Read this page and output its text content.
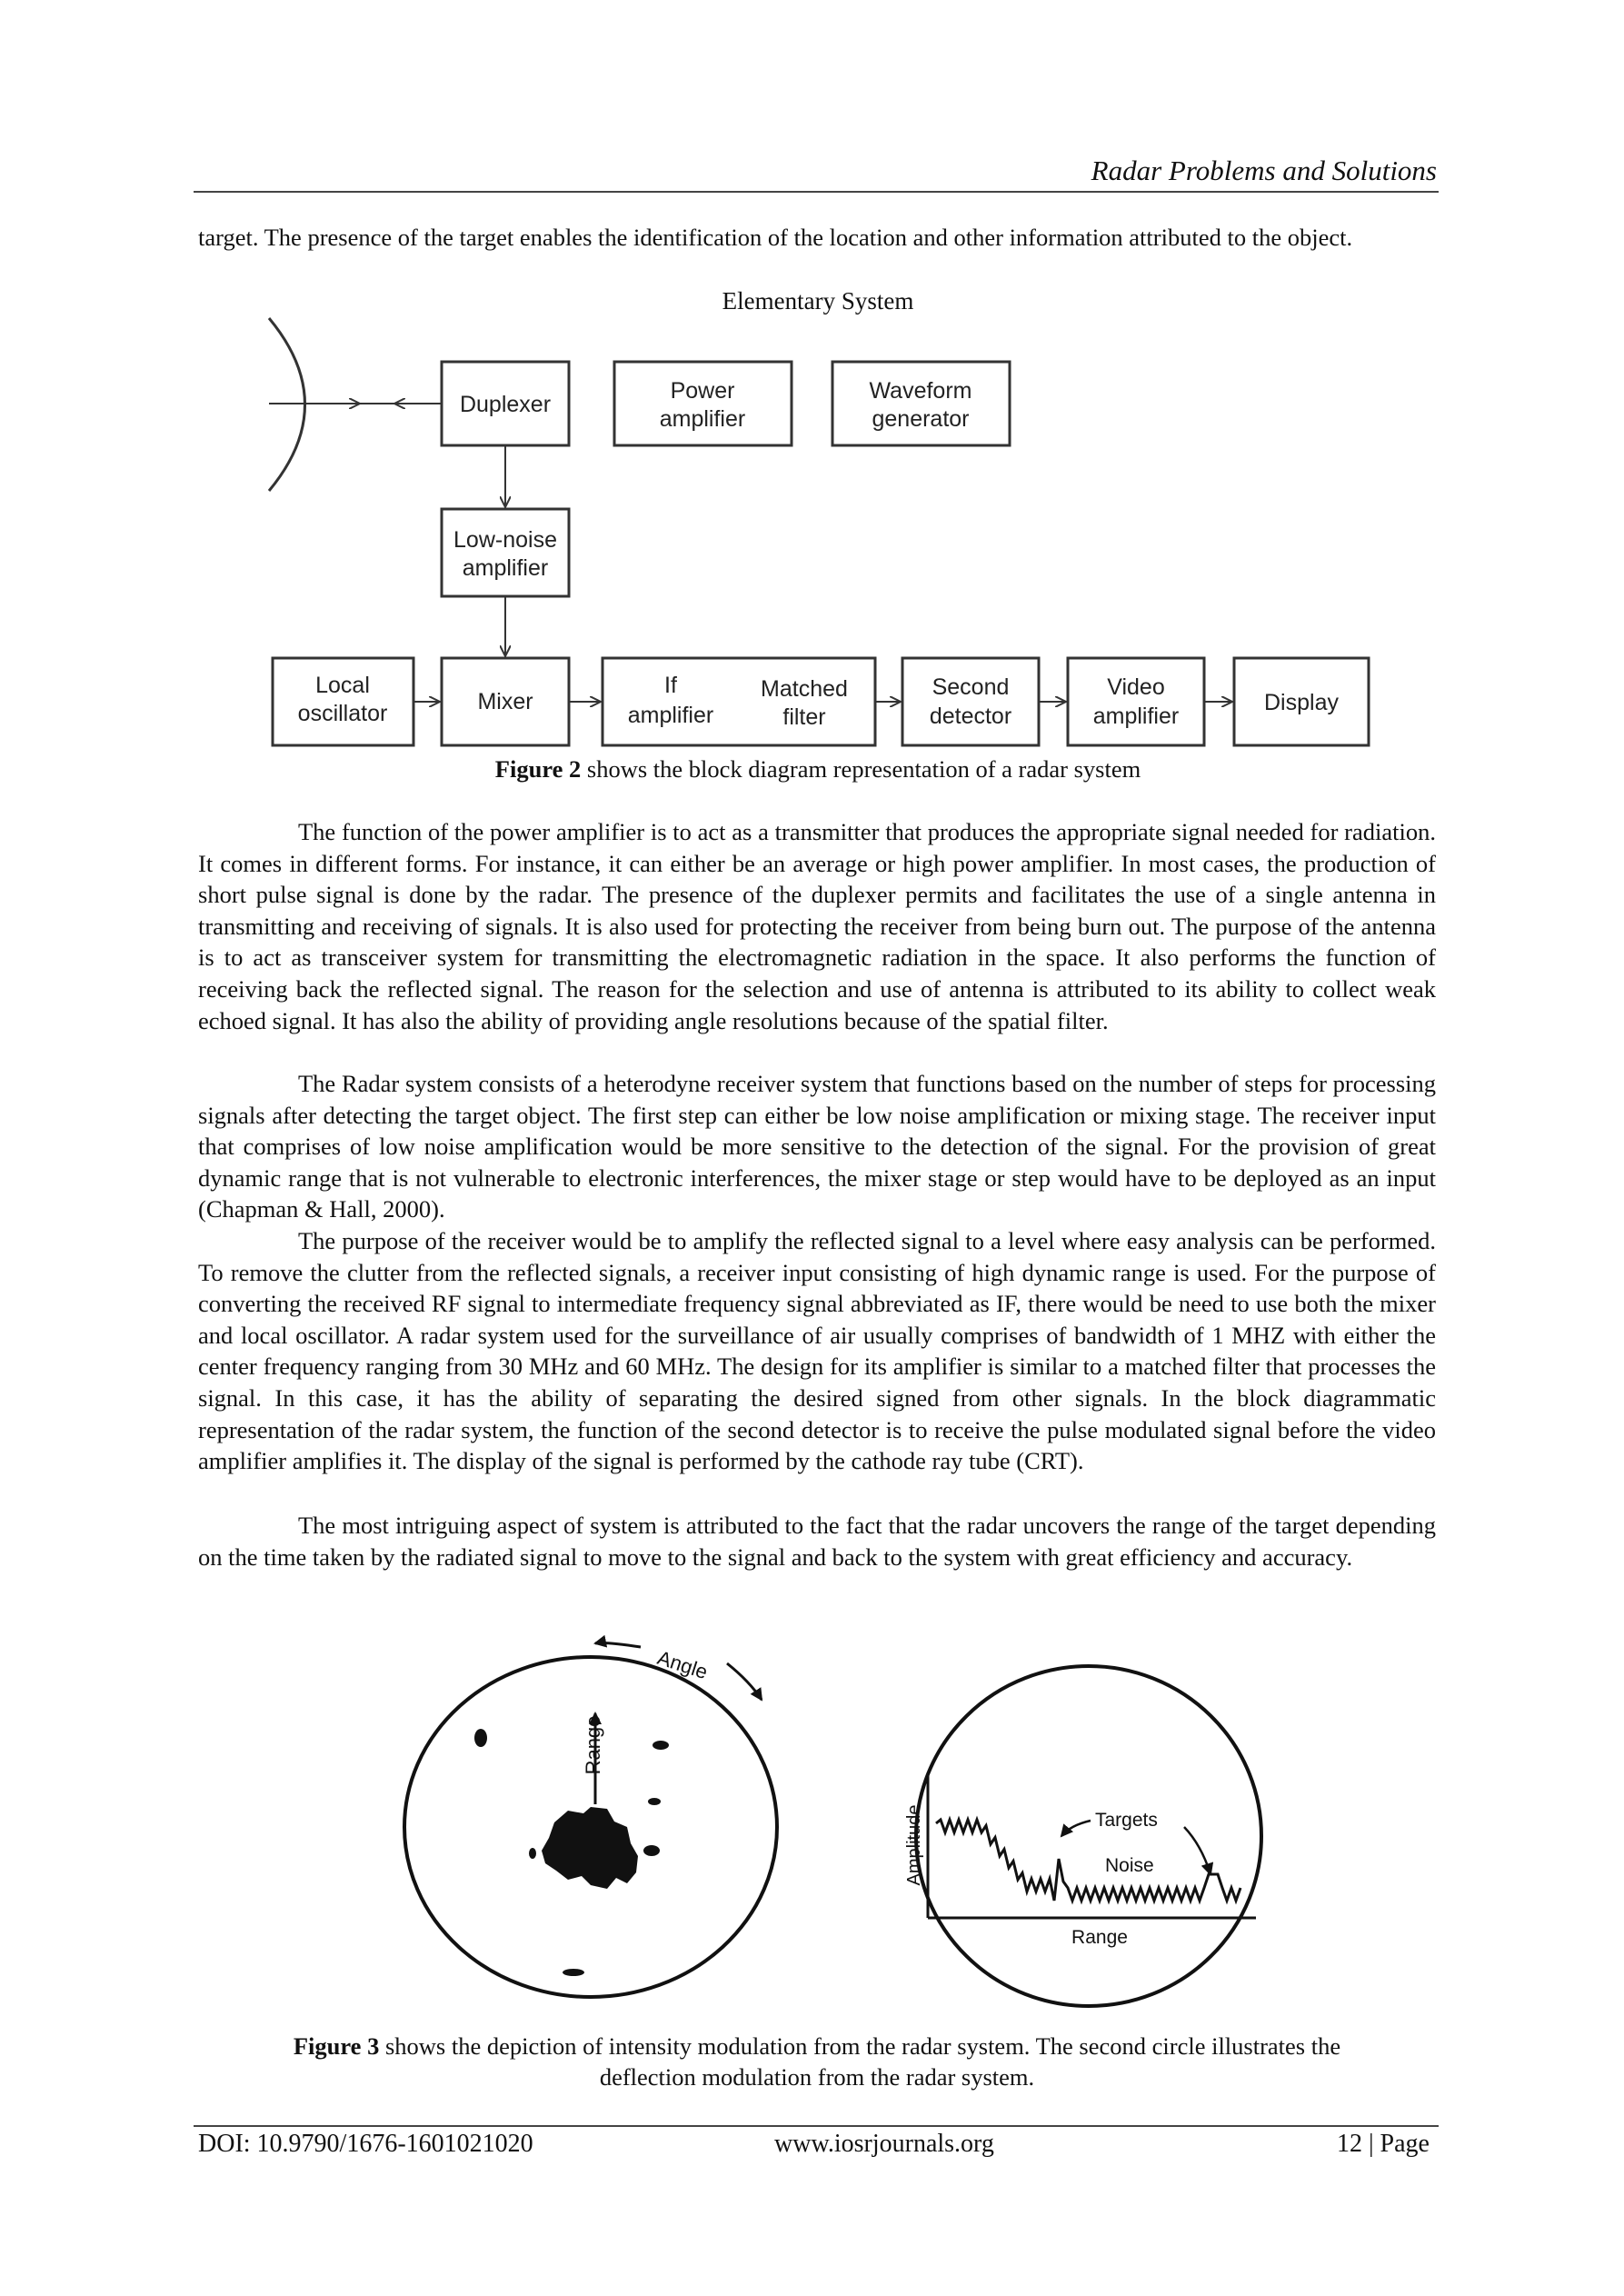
Radar Problems and Solutions

target. The presence of the target enables the identification of the location and other information attributed to the object.

Elementary System

Duplexer
Power
amplifier
Waveform
generator
Low-noise
amplifier
Local
oscillator	Mixer
If
amplifier
Matched
filter
Second
detector
Video
amplifier
Display

Figure 2 shows the block diagram representation of a radar system

The function of the power amplifier is to act as a transmitter that produces the appropriate signal needed for radiation. It comes in different forms. For instance, it can either be an average or high power amplifier. In most cases, the production of short pulse signal is done by the radar. The presence of the duplexer permits and facilitates the use of a single antenna in transmitting and receiving of signals. It is also used for protecting the receiver from being burn out. The purpose of the antenna is to act as transceiver system for transmitting the electromagnetic radiation in the space. It also performs the function of receiving back the reflected signal. The reason for the selection and use of antenna is attributed to its ability to collect weak echoed signal. It has also the ability of providing angle resolutions because of the spatial filter.

The Radar system consists of a heterodyne receiver system that functions based on the number of steps for processing signals after detecting the target object. The first step can either be low noise amplification or mixing stage. The receiver input that comprises of low noise amplification would be more sensitive to the detection of the signal. For the provision of great dynamic range that is not vulnerable to electronic interferences, the mixer stage or step would have to be deployed as an input (Chapman & Hall, 2000).

The purpose of the receiver would be to amplify the reflected signal to a level where easy analysis can be performed. To remove the clutter from the reflected signals, a receiver input consisting of high dynamic range is used. For the purpose of converting the received RF signal to intermediate frequency signal abbreviated as IF, there would be need to use both the mixer and local oscillator. A radar system used for the surveillance of air usually comprises of bandwidth of 1 MHZ with either the center frequency ranging from 30 MHz and 60 MHz. The design for its amplifier is similar to a matched filter that processes the signal. In this case, it has the ability of separating the desired signed from other signals. In the block diagrammatic representation of the radar system, the function of the second detector is to receive the pulse modulated signal before the video amplifier amplifies it. The display of the signal is performed by the cathode ray tube (CRT).

The most intriguing aspect of system is attributed to the fact that the radar uncovers the range of the target depending on the time taken by the radiated signal to move to the signal and back to the system with great efficiency and accuracy.

Angle
Range
Amplitude
Range
Targets
Noise

Figure 3 shows the depiction of intensity modulation from the radar system. The second circle illustrates the
deflection modulation from the radar system.

DOI: 10.9790/1676-1601021020	www.iosrjournals.org	12 | Page
